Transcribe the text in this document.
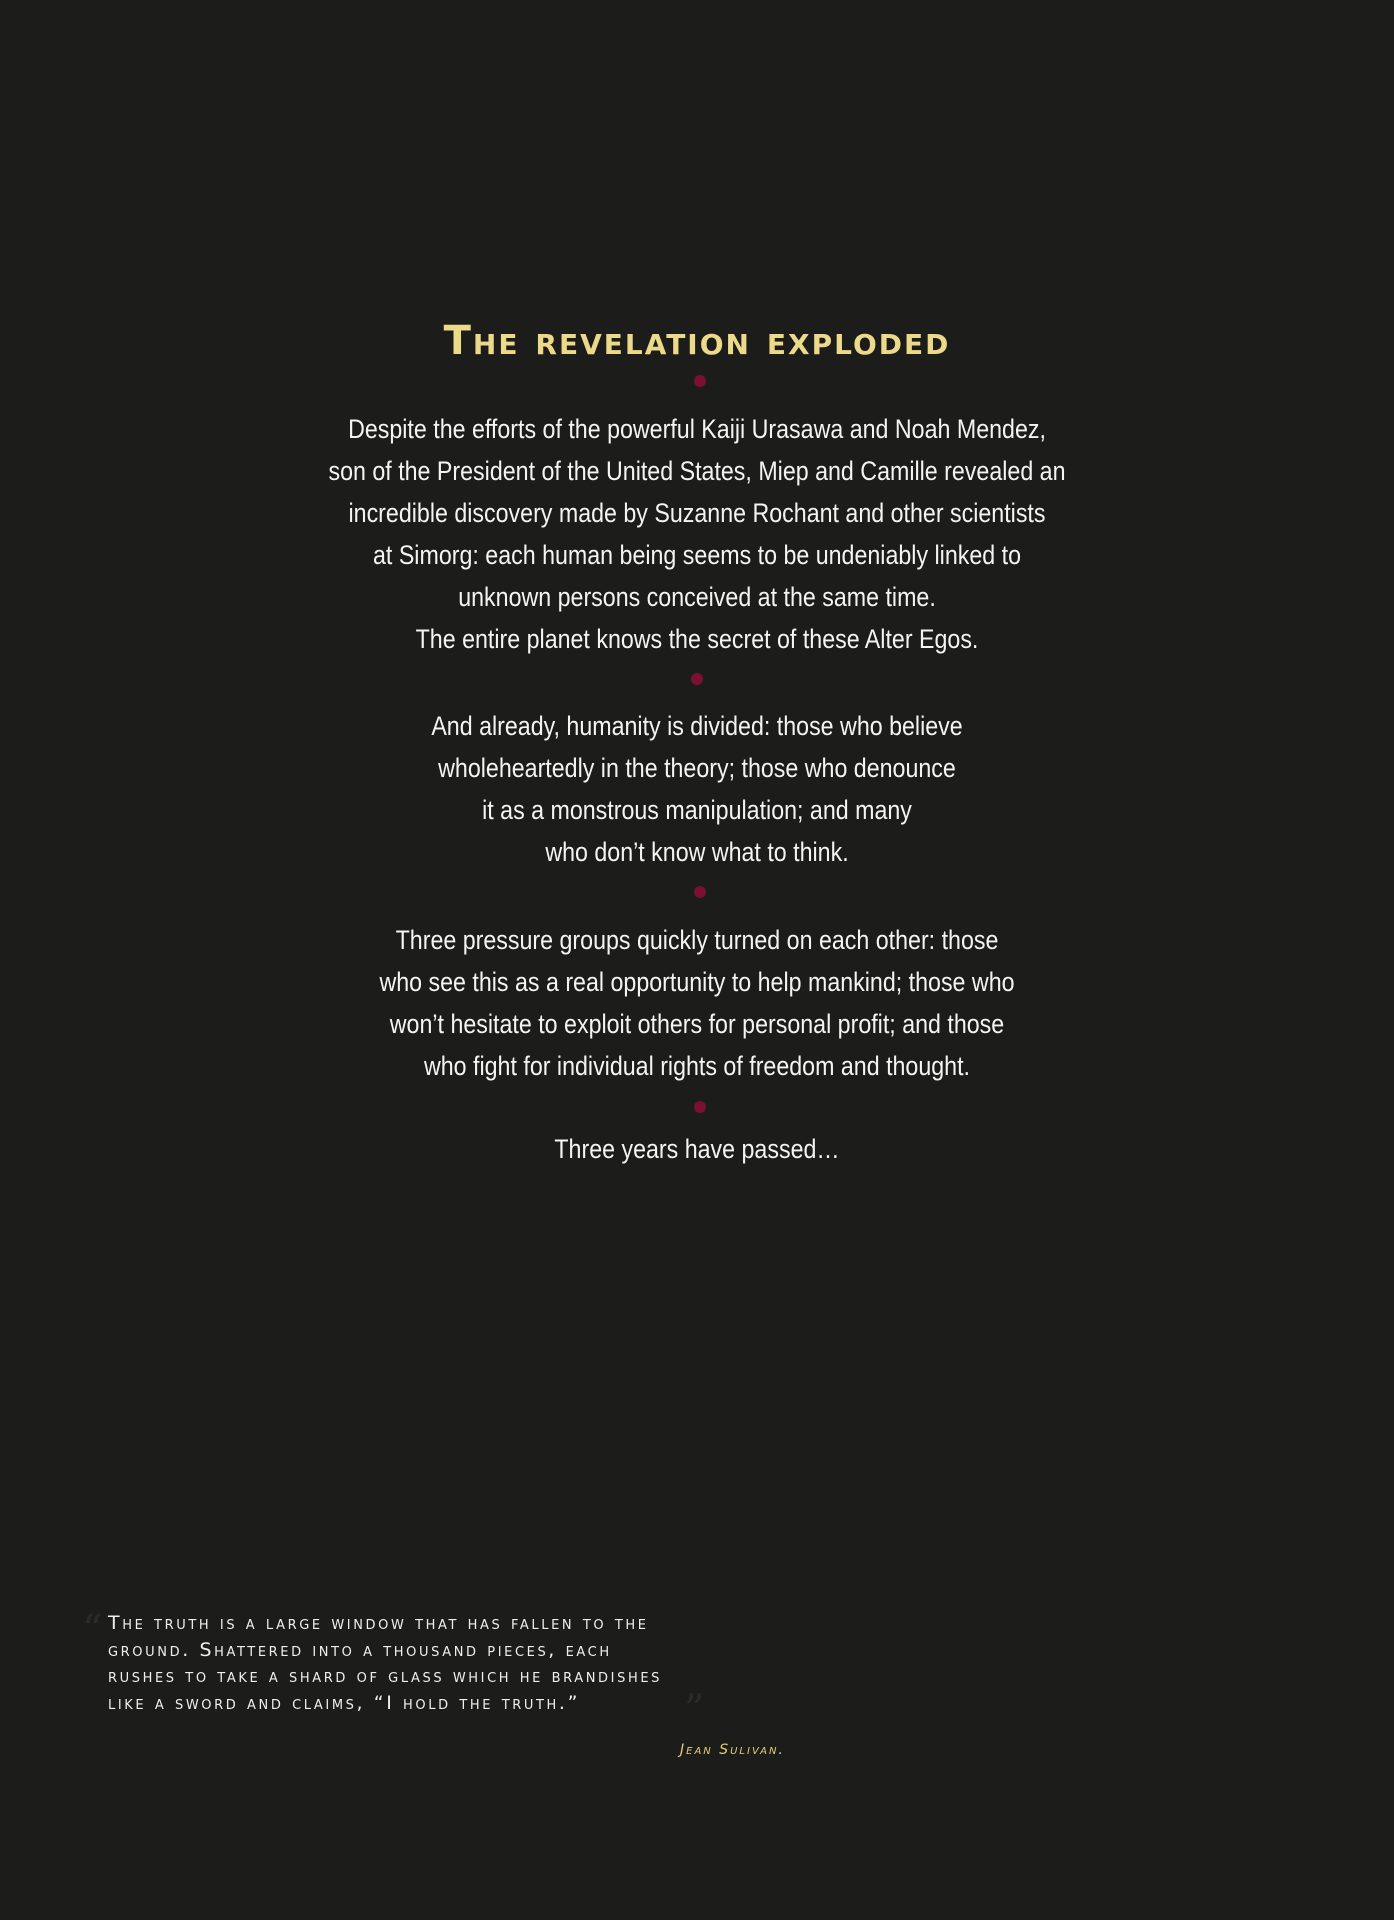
The revelation exploded
Despite the efforts of the powerful Kaiji Urasawa and Noah Mendez,
son of the President of the United States, Miep and Camille revealed an
incredible discovery made by Suzanne Rochant and other scientists
at Simorg: each human being seems to be undeniably linked to
unknown persons conceived at the same time.
The entire planet knows the secret of these Alter Egos.
And already, humanity is divided: those who believe
wholeheartedly in the theory; those who denounce
it as a monstrous manipulation; and many
who don’t know what to think.
Three pressure groups quickly turned on each other: those
who see this as a real opportunity to help mankind; those who
won’t hesitate to exploit others for personal profit; and those
who fight for individual rights of freedom and thought.
Three years have passed…
“ The truth is a large window that has fallen to the
ground. Shattered into a thousand pieces, each
rushes to take a shard of glass which he brandishes
like a sword and claims, “I hold the truth.”	”
Jean Sulivan.
